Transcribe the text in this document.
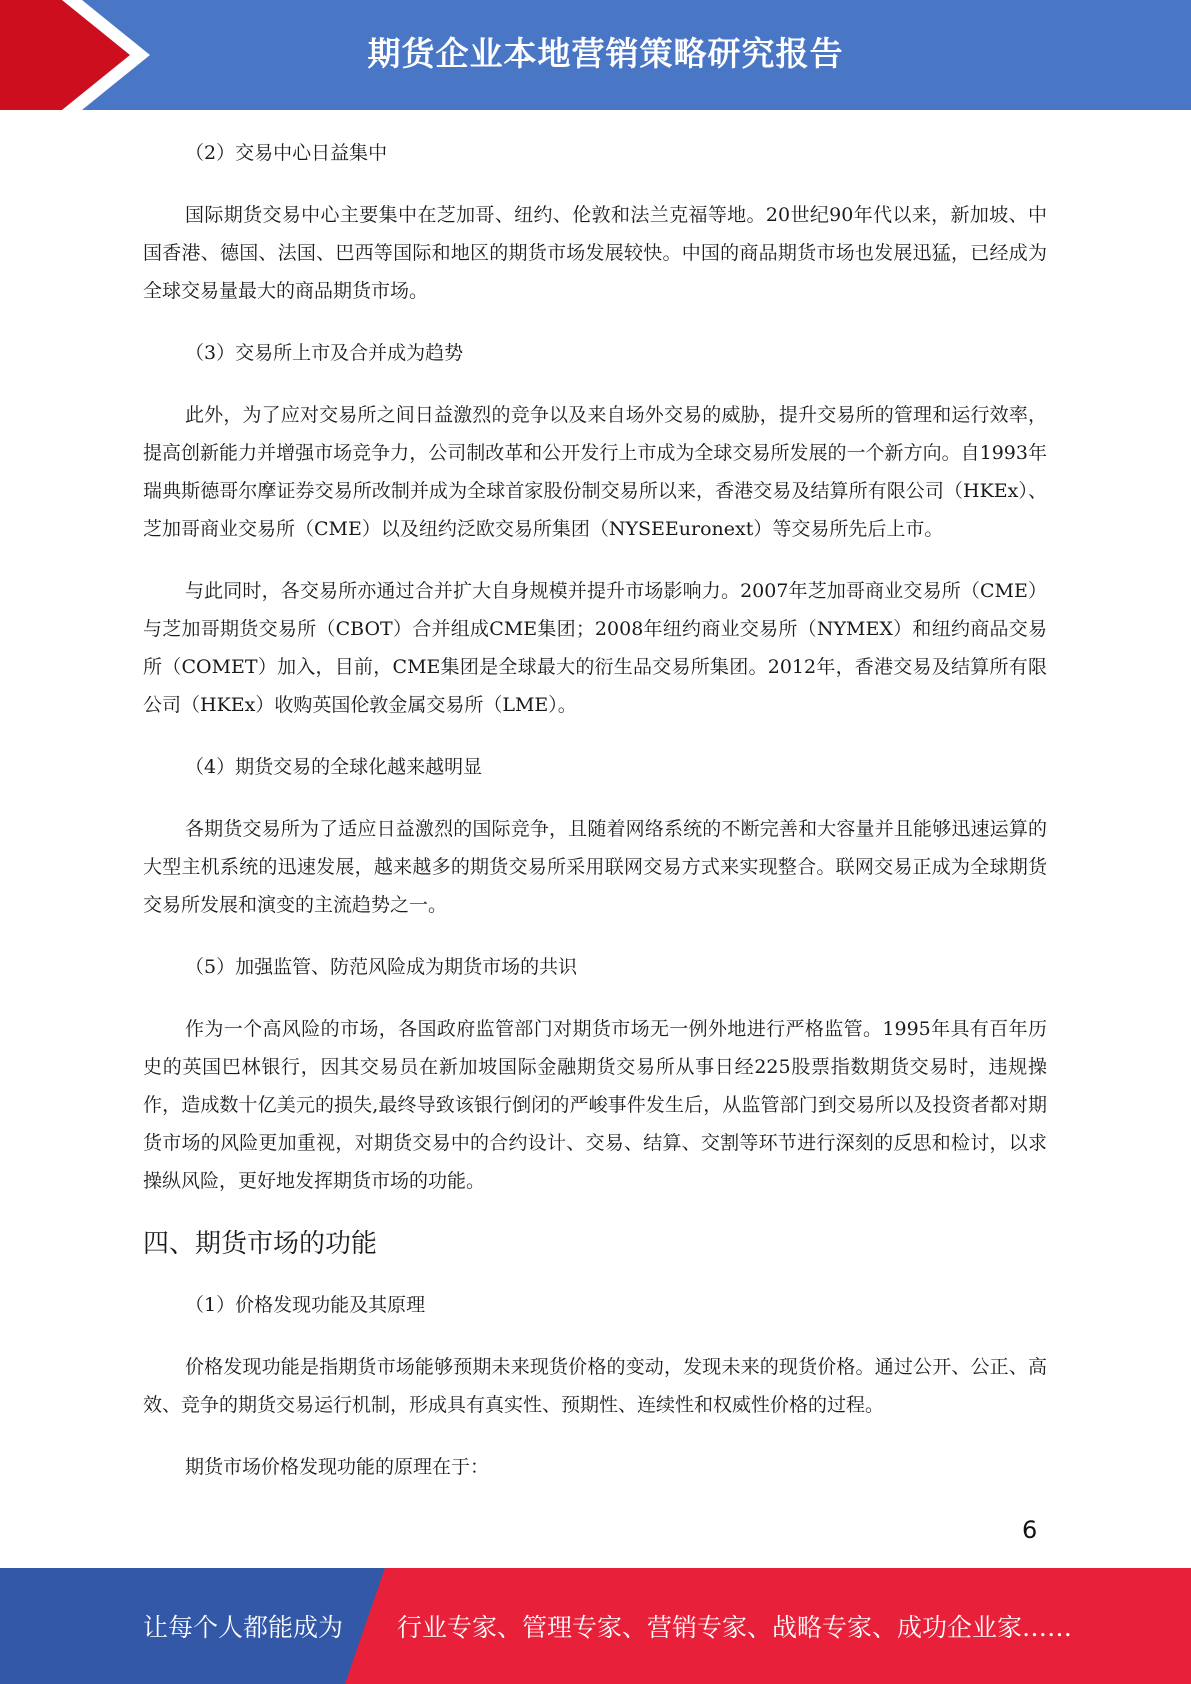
期货企业本地营销策略研究报告

（2）交易中心日益集中

国际期货交易中心主要集中在芝加哥、纽约、伦敦和法兰克福等地。20世纪90年代以来，新加坡、中国香港、德国、法国、巴西等国际和地区的期货市场发展较快。中国的商品期货市场也发展迅猛，已经成为全球交易量最大的商品期货市场。

（3）交易所上市及合并成为趋势

此外，为了应对交易所之间日益激烈的竞争以及来自场外交易的威胁，提升交易所的管理和运行效率，提高创新能力并增强市场竞争力，公司制改革和公开发行上市成为全球交易所发展的一个新方向。自1993年瑞典斯德哥尔摩证券交易所改制并成为全球首家股份制交易所以来，香港交易及结算所有限公司（HKEx）、芝加哥商业交易所（CME）以及纽约泛欧交易所集团（NYSEEuronext）等交易所先后上市。

与此同时，各交易所亦通过合并扩大自身规模并提升市场影响力。2007年芝加哥商业交易所（CME）与芝加哥期货交易所（CBOT）合并组成CME集团；2008年纽约商业交易所（NYMEX）和纽约商品交易所（COMET）加入，目前，CME集团是全球最大的衍生品交易所集团。2012年，香港交易及结算所有限公司（HKEx）收购英国伦敦金属交易所（LME）。

（4）期货交易的全球化越来越明显

各期货交易所为了适应日益激烈的国际竞争，且随着网络系统的不断完善和大容量并且能够迅速运算的大型主机系统的迅速发展，越来越多的期货交易所采用联网交易方式来实现整合。联网交易正成为全球期货交易所发展和演变的主流趋势之一。

（5）加强监管、防范风险成为期货市场的共识

作为一个高风险的市场，各国政府监管部门对期货市场无一例外地进行严格监管。1995年具有百年历史的英国巴林银行，因其交易员在新加坡国际金融期货交易所从事日经225股票指数期货交易时，违规操作，造成数十亿美元的损失,最终导致该银行倒闭的严峻事件发生后，从监管部门到交易所以及投资者都对期货市场的风险更加重视，对期货交易中的合约设计、交易、结算、交割等环节进行深刻的反思和检讨，以求操纵风险，更好地发挥期货市场的功能。

四、期货市场的功能

（1）价格发现功能及其原理

价格发现功能是指期货市场能够预期未来现货价格的变动，发现未来的现货价格。通过公开、公正、高效、竞争的期货交易运行机制，形成具有真实性、预期性、连续性和权威性价格的过程。

期货市场价格发现功能的原理在于：

6
让每个人都能成为 行业专家、管理专家、营销专家、战略专家、成功企业家……
